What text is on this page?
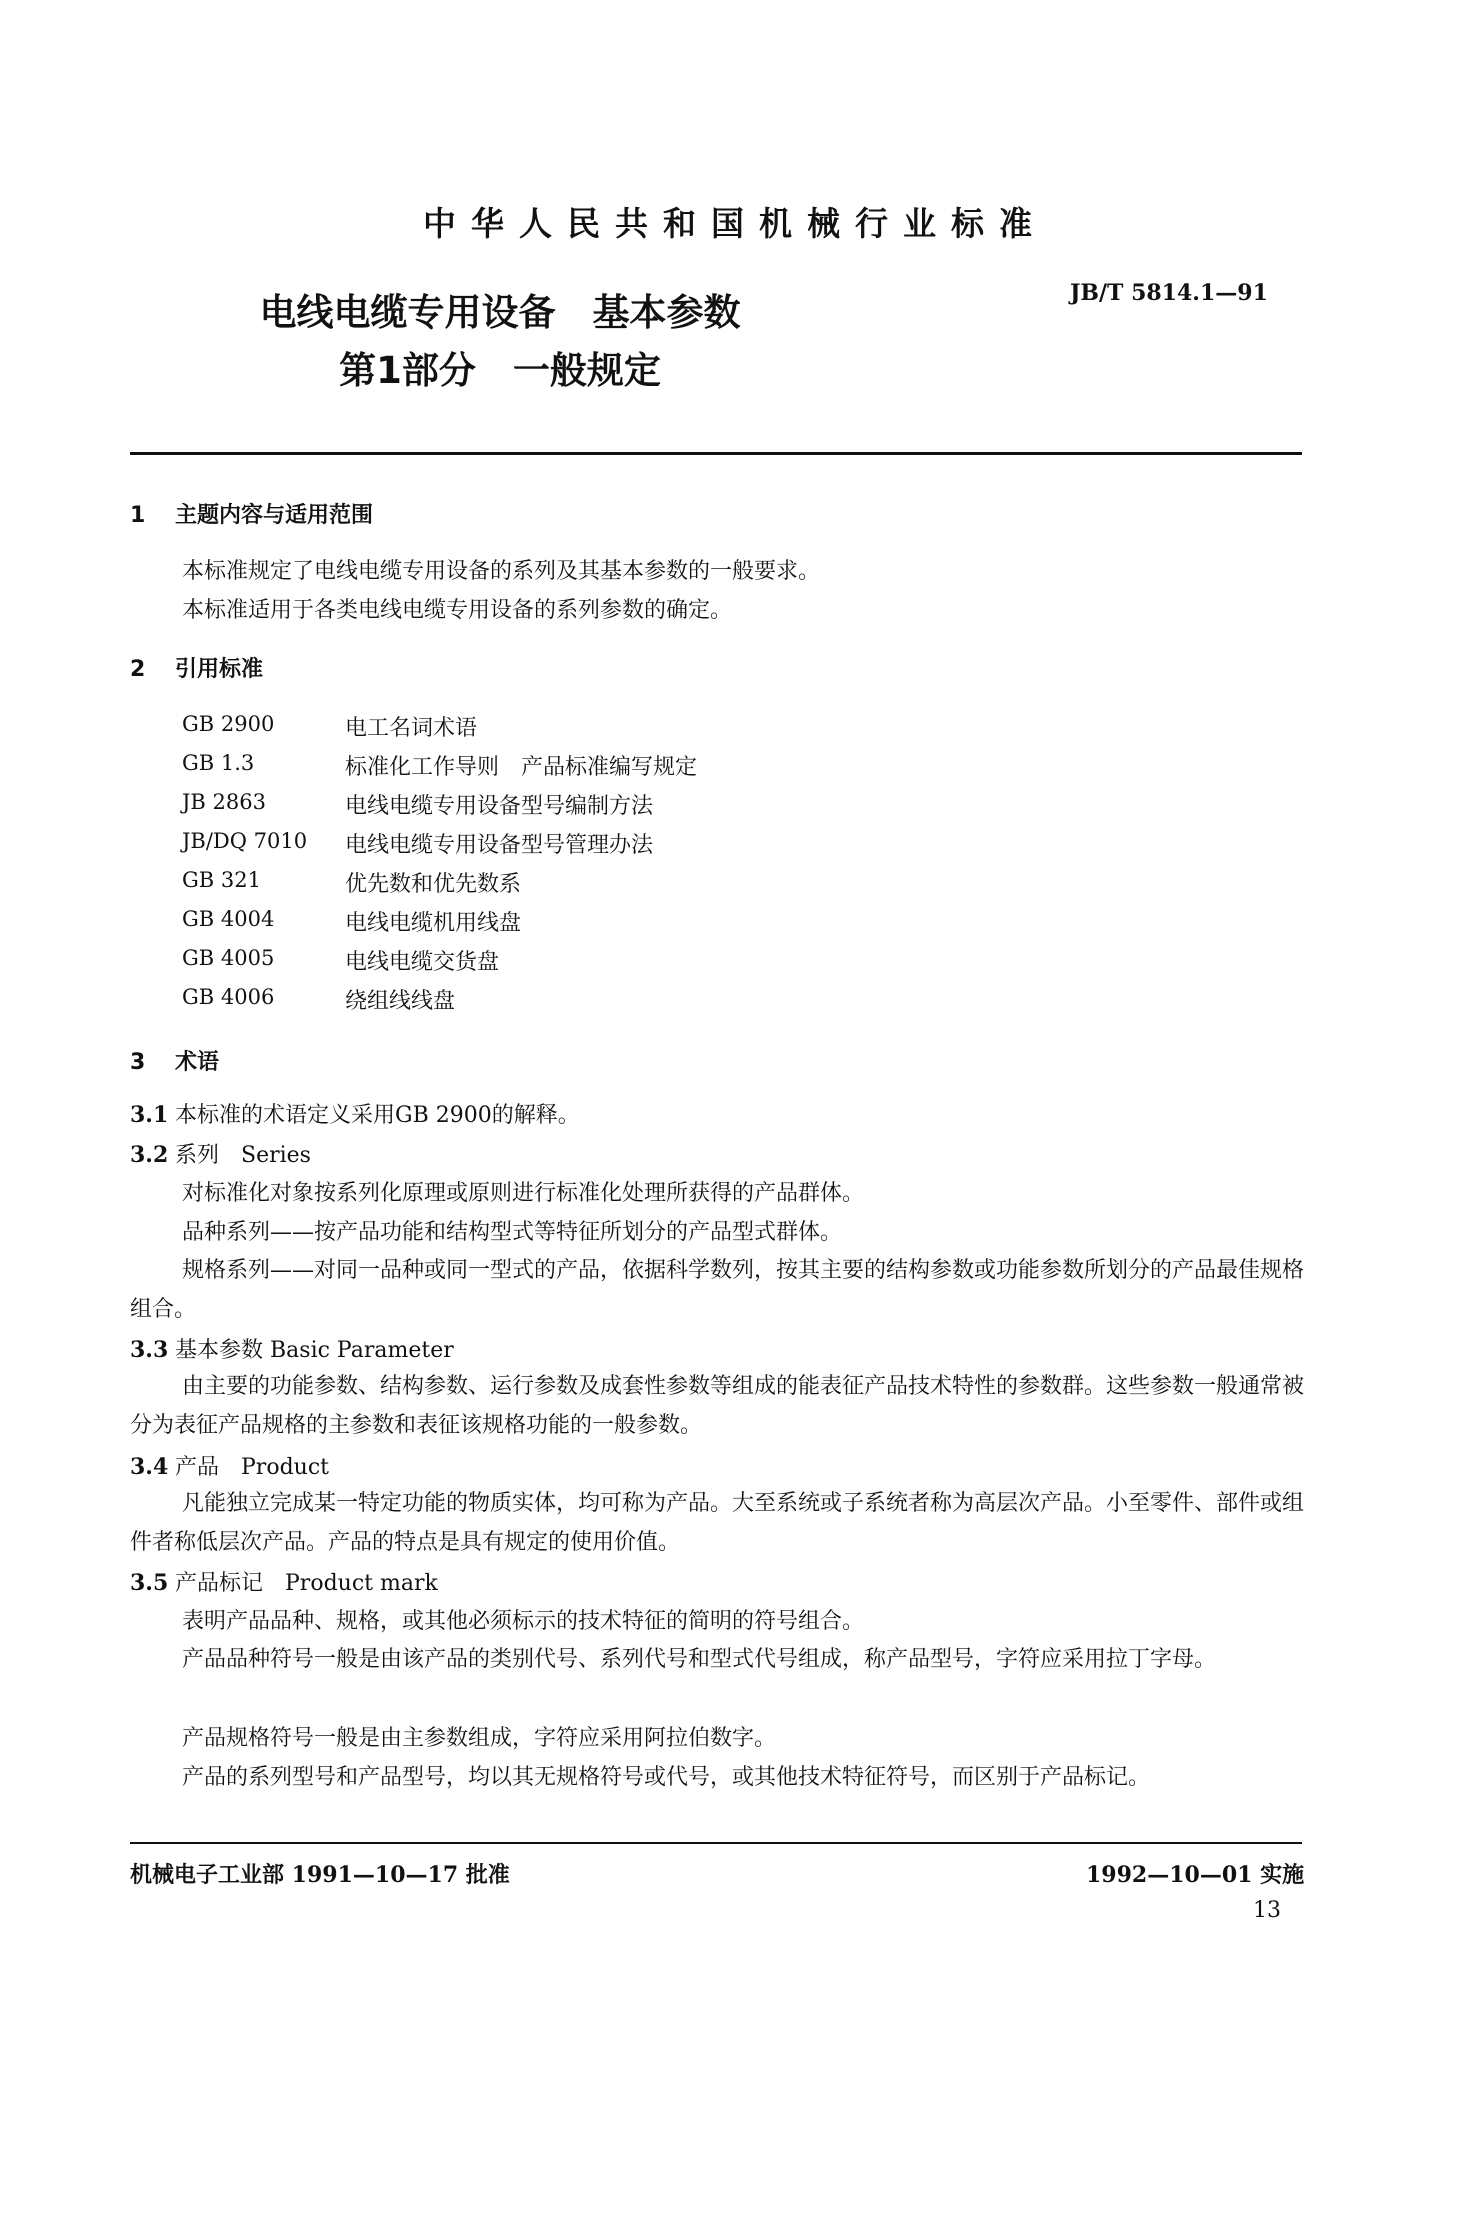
中华人民共和国机械行业标准
JB/T 5814.1—91
电线电缆专用设备　基本参数
第1部分　一般规定
1 主题内容与适用范围
本标准规定了电线电缆专用设备的系列及其基本参数的一般要求。
本标准适用于各类电线电缆专用设备的系列参数的确定。
2 引用标准
GB 2900	电工名词术语
GB 1.3	标准化工作导则　产品标准编写规定
JB 2863	电线电缆专用设备型号编制方法
JB/DQ 7010 电线电缆专用设备型号管理办法
GB 321	优先数和优先数系
GB 4004	电线电缆机用线盘
GB 4005	电线电缆交货盘
GB 4006	绕组线线盘
3 术语
3.1 本标准的术语定义采用GB 2900的解释。
3.2 系列　Series
对标准化对象按系列化原理或原则进行标准化处理所获得的产品群体。
品种系列——按产品功能和结构型式等特征所划分的产品型式群体。
规格系列——对同一品种或同一型式的产品，依据科学数列，按其主要的结构参数或功能参数所划分的产品最佳规格组合。
3.3 基本参数 Basic Parameter
由主要的功能参数、结构参数、运行参数及成套性参数等组成的能表征产品技术特性的参数群。这些参数一般通常被分为表征产品规格的主参数和表征该规格功能的一般参数。
3.4 产品　Product
凡能独立完成某一特定功能的物质实体，均可称为产品。大至系统或子系统者称为高层次产品。小至零件、部件或组件者称低层次产品。产品的特点是具有规定的使用价值。
3.5 产品标记　Product mark
表明产品品种、规格，或其他必须标示的技术特征的简明的符号组合。
产品品种符号一般是由该产品的类别代号、系列代号和型式代号组成，称产品型号，字符应采用拉丁字母。
产品规格符号一般是由主参数组成，字符应采用阿拉伯数字。
产品的系列型号和产品型号，均以其无规格符号或代号，或其他技术特征符号，而区别于产品标记。
机械电子工业部 1991—10—17 批准	1992—10—01 实施
13
